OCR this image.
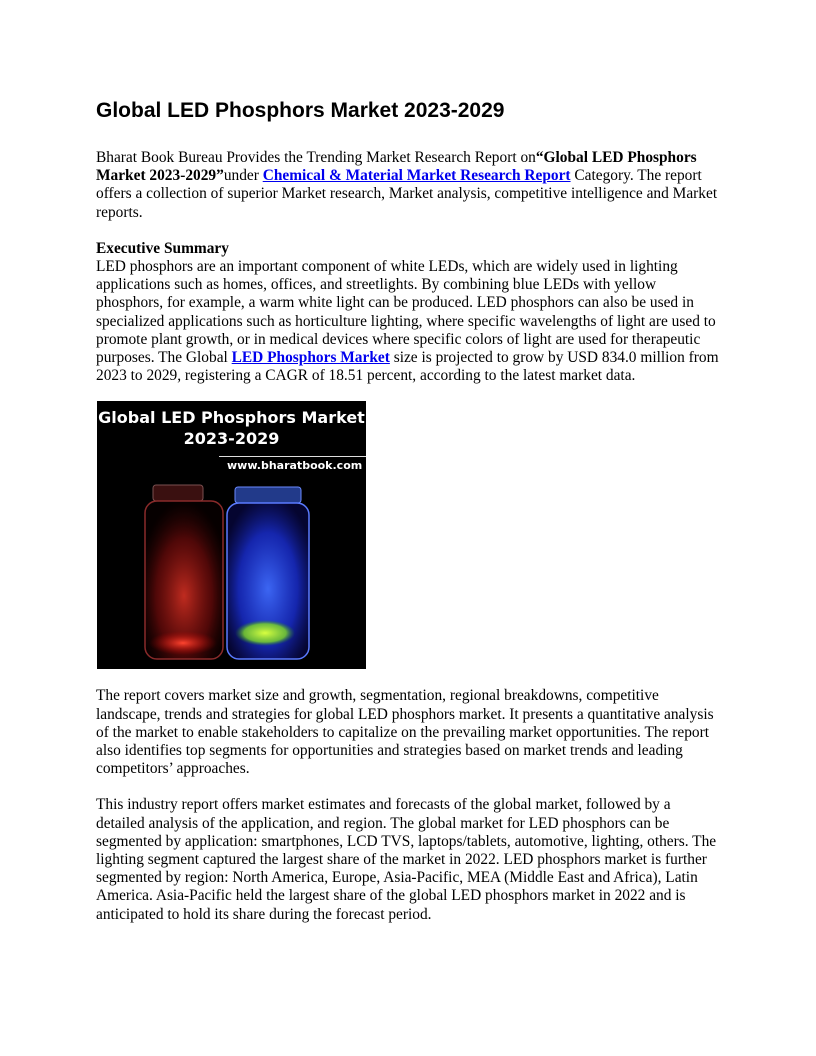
Global LED Phosphors Market 2023-2029

Bharat Book Bureau Provides the Trending Market Research Report on“Global LED Phosphors Market 2023-2029”under Chemical & Material Market Research Report Category. The report offers a collection of superior Market research, Market analysis, competitive intelligence and Market reports.

Executive Summary
LED phosphors are an important component of white LEDs, which are widely used in lighting applications such as homes, offices, and streetlights. By combining blue LEDs with yellow phosphors, for example, a warm white light can be produced. LED phosphors can also be used in specialized applications such as horticulture lighting, where specific wavelengths of light are used to promote plant growth, or in medical devices where specific colors of light are used for therapeutic purposes. The Global LED Phosphors Market size is projected to grow by USD 834.0 million from 2023 to 2029, registering a CAGR of 18.51 percent, according to the latest market data.

Global LED Phosphors Market
2023-2029
www.bharatbook.com

The report covers market size and growth, segmentation, regional breakdowns, competitive landscape, trends and strategies for global LED phosphors market. It presents a quantitative analysis of the market to enable stakeholders to capitalize on the prevailing market opportunities. The report also identifies top segments for opportunities and strategies based on market trends and leading competitors’ approaches.

This industry report offers market estimates and forecasts of the global market, followed by a detailed analysis of the application, and region. The global market for LED phosphors can be segmented by application: smartphones, LCD TVS, laptops/tablets, automotive, lighting, others. The lighting segment captured the largest share of the market in 2022. LED phosphors market is further segmented by region: North America, Europe, Asia-Pacific, MEA (Middle East and Africa), Latin America. Asia-Pacific held the largest share of the global LED phosphors market in 2022 and is anticipated to hold its share during the forecast period.
